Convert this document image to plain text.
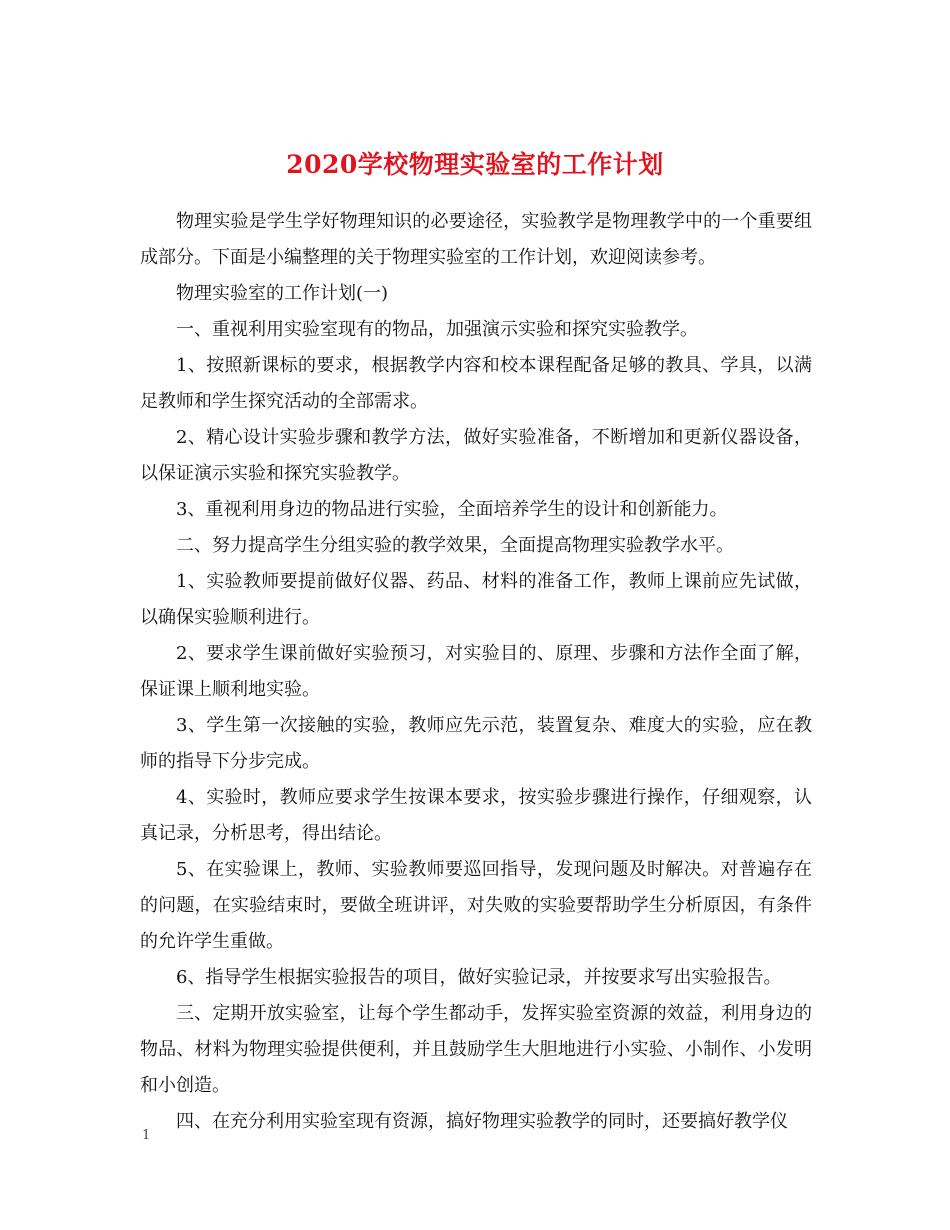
2020学校物理实验室的工作计划

物理实验是学生学好物理知识的必要途径，实验教学是物理教学中的一个重要组成部分。下面是小编整理的关于物理实验室的工作计划，欢迎阅读参考。

物理实验室的工作计划(一)

一、重视利用实验室现有的物品，加强演示实验和探究实验教学。

1、按照新课标的要求，根据教学内容和校本课程配备足够的教具、学具，以满足教师和学生探究活动的全部需求。

2、精心设计实验步骤和教学方法，做好实验准备，不断增加和更新仪器设备，以保证演示实验和探究实验教学。

3、重视利用身边的物品进行实验，全面培养学生的设计和创新能力。

二、努力提高学生分组实验的教学效果，全面提高物理实验教学水平。

1、实验教师要提前做好仪器、药品、材料的准备工作，教师上课前应先试做，以确保实验顺利进行。

2、要求学生课前做好实验预习，对实验目的、原理、步骤和方法作全面了解，保证课上顺利地实验。

3、学生第一次接触的实验，教师应先示范，装置复杂、难度大的实验，应在教师的指导下分步完成。

4、实验时，教师应要求学生按课本要求，按实验步骤进行操作，仔细观察，认真记录，分析思考，得出结论。

5、在实验课上，教师、实验教师要巡回指导，发现问题及时解决。对普遍存在的问题，在实验结束时，要做全班讲评，对失败的实验要帮助学生分析原因，有条件的允许学生重做。

6、指导学生根据实验报告的项目，做好实验记录，并按要求写出实验报告。

三、定期开放实验室，让每个学生都动手，发挥实验室资源的效益，利用身边的物品、材料为物理实验提供便利，并且鼓励学生大胆地进行小实验、小制作、小发明和小创造。

四、在充分利用实验室现有资源，搞好物理实验教学的同时，还要搞好教学仪

1
